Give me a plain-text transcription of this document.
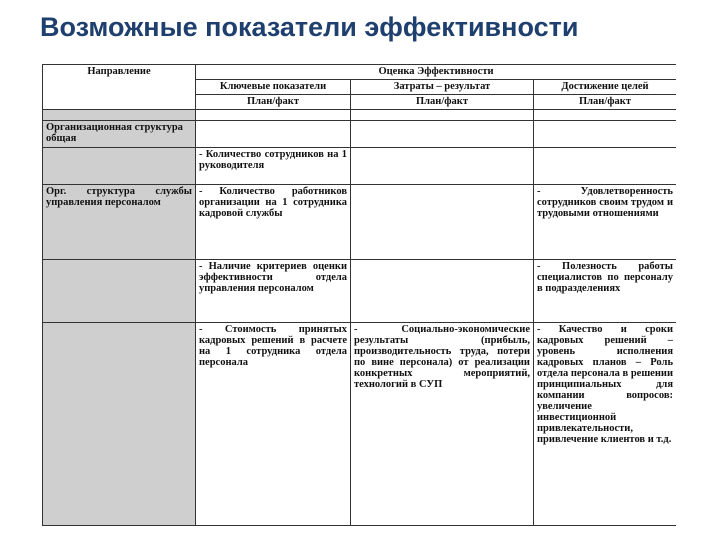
Возможные показатели эффективности
Направление	Оценка Эффективности		
	Ключевые показатели	Затраты – результат	Достижение целей
	План/факт	План/факт	План/факт

Организационная структура общая			
	- Количество сотрудников на 1 руководителя		
Орг. структура службы управления персоналом	- Количество работников организации на 1 сотрудника кадровой службы		- Удовлетворенность сотрудников своим трудом и трудовыми отношениями
	- Наличие критериев оценки эффективности отдела управления персоналом		- Полезность работы специалистов по персоналу в подразделениях
	- Стоимость принятых кадровых решений в расчете на 1 сотрудника отдела персонала	- Социально-экономические результаты (прибыль, производительность труда, потери по вине персонала) от реализации конкретных мероприятий, технологий в СУП	- Качество и сроки кадровых решений – уровень исполнения кадровых планов – Роль отдела персонала в решении принципиальных для компании вопросов: увеличение инвестиционной привлекательности, привлечение клиентов и т.д.
